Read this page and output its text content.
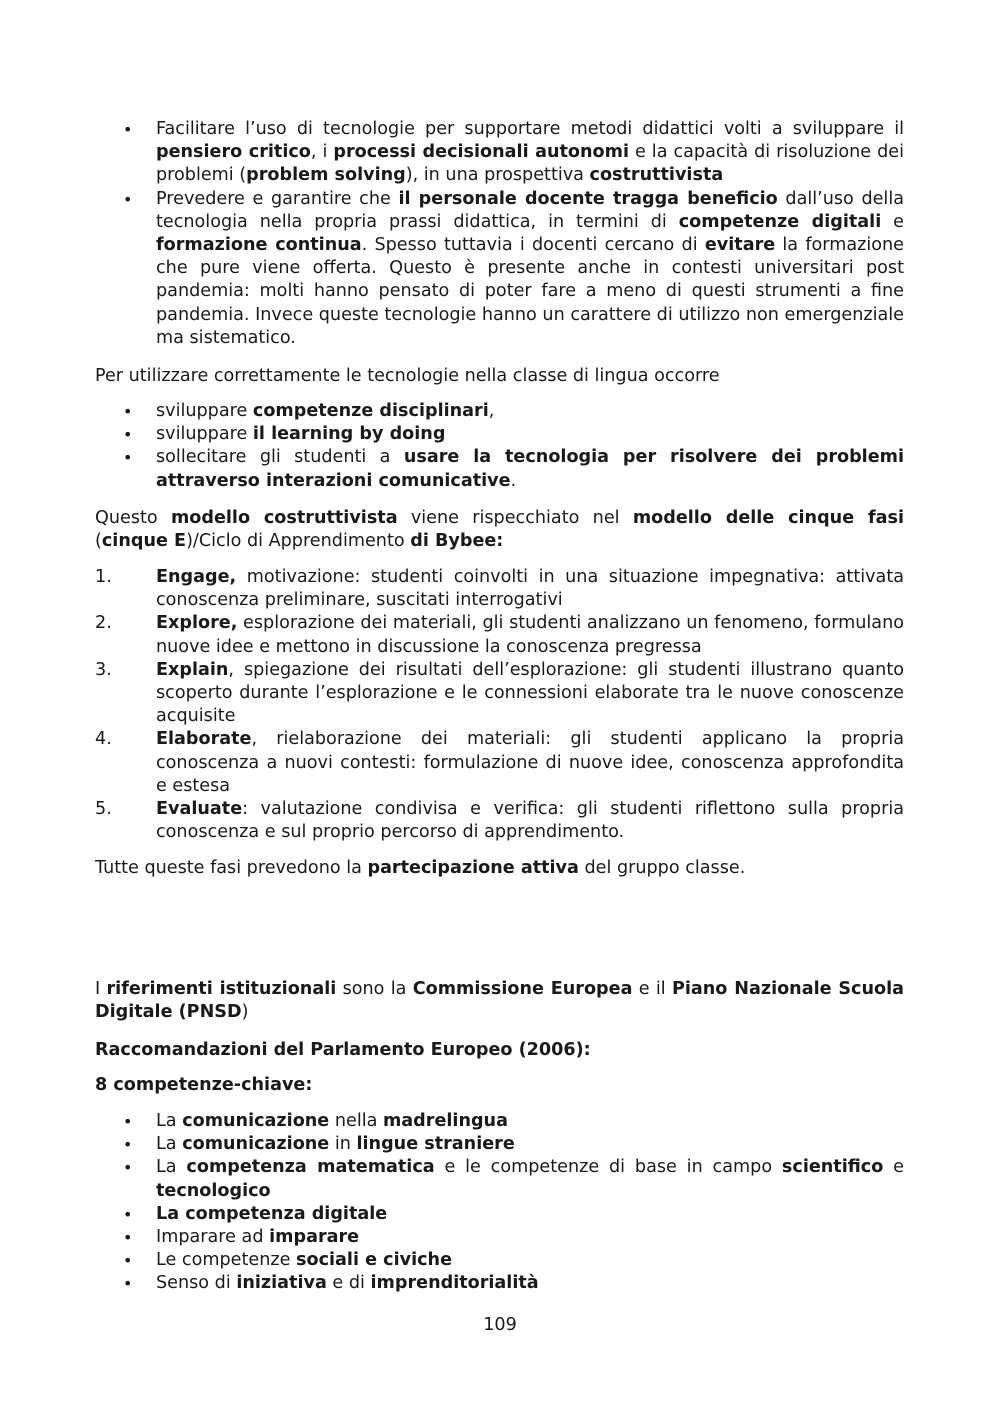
• Facilitare l’uso di tecnologie per supportare metodi didattici volti a sviluppare il pensiero critico, i processi decisionali autonomi e la capacità di risoluzione dei problemi (problem solving), in una prospettiva costruttivista
• Prevedere e garantire che il personale docente tragga beneficio dall’uso della tecnologia nella propria prassi didattica, in termini di competenze digitali e formazione continua. Spesso tuttavia i docenti cercano di evitare la formazione che pure viene offerta. Questo è presente anche in contesti universitari post pandemia: molti hanno pensato di poter fare a meno di questi strumenti a fine pandemia. Invece queste tecnologie hanno un carattere di utilizzo non emergenziale ma sistematico.

Per utilizzare correttamente le tecnologie nella classe di lingua occorre

• sviluppare competenze disciplinari,
• sviluppare il learning by doing
• sollecitare gli studenti a usare la tecnologia per risolvere dei problemi attraverso interazioni comunicative.

Questo modello costruttivista viene rispecchiato nel modello delle cinque fasi (cinque E)/Ciclo di Apprendimento di Bybee:

1.	Engage, motivazione: studenti coinvolti in una situazione impegnativa: attivata conoscenza preliminare, suscitati interrogativi
2.	Explore, esplorazione dei materiali, gli studenti analizzano un fenomeno, formulano nuove idee e mettono in discussione la conoscenza pregressa
3.	Explain, spiegazione dei risultati dell’esplorazione: gli studenti illustrano quanto scoperto durante l’esplorazione e le connessioni elaborate tra le nuove conoscenze acquisite
4.	Elaborate, rielaborazione dei materiali: gli studenti applicano la propria conoscenza a nuovi contesti: formulazione di nuove idee, conoscenza approfondita e estesa
5.	Evaluate: valutazione condivisa e verifica: gli studenti riflettono sulla propria conoscenza e sul proprio percorso di apprendimento.

Tutte queste fasi prevedono la partecipazione attiva del gruppo classe.

I riferimenti istituzionali sono la Commissione Europea e il Piano Nazionale Scuola Digitale (PNSD)

Raccomandazioni del Parlamento Europeo (2006):

8 competenze-chiave:

• La comunicazione nella madrelingua
• La comunicazione in lingue straniere
• La competenza matematica e le competenze di base in campo scientifico e tecnologico
• La competenza digitale
• Imparare ad imparare
• Le competenze sociali e civiche
• Senso di iniziativa e di imprenditorialità
109
